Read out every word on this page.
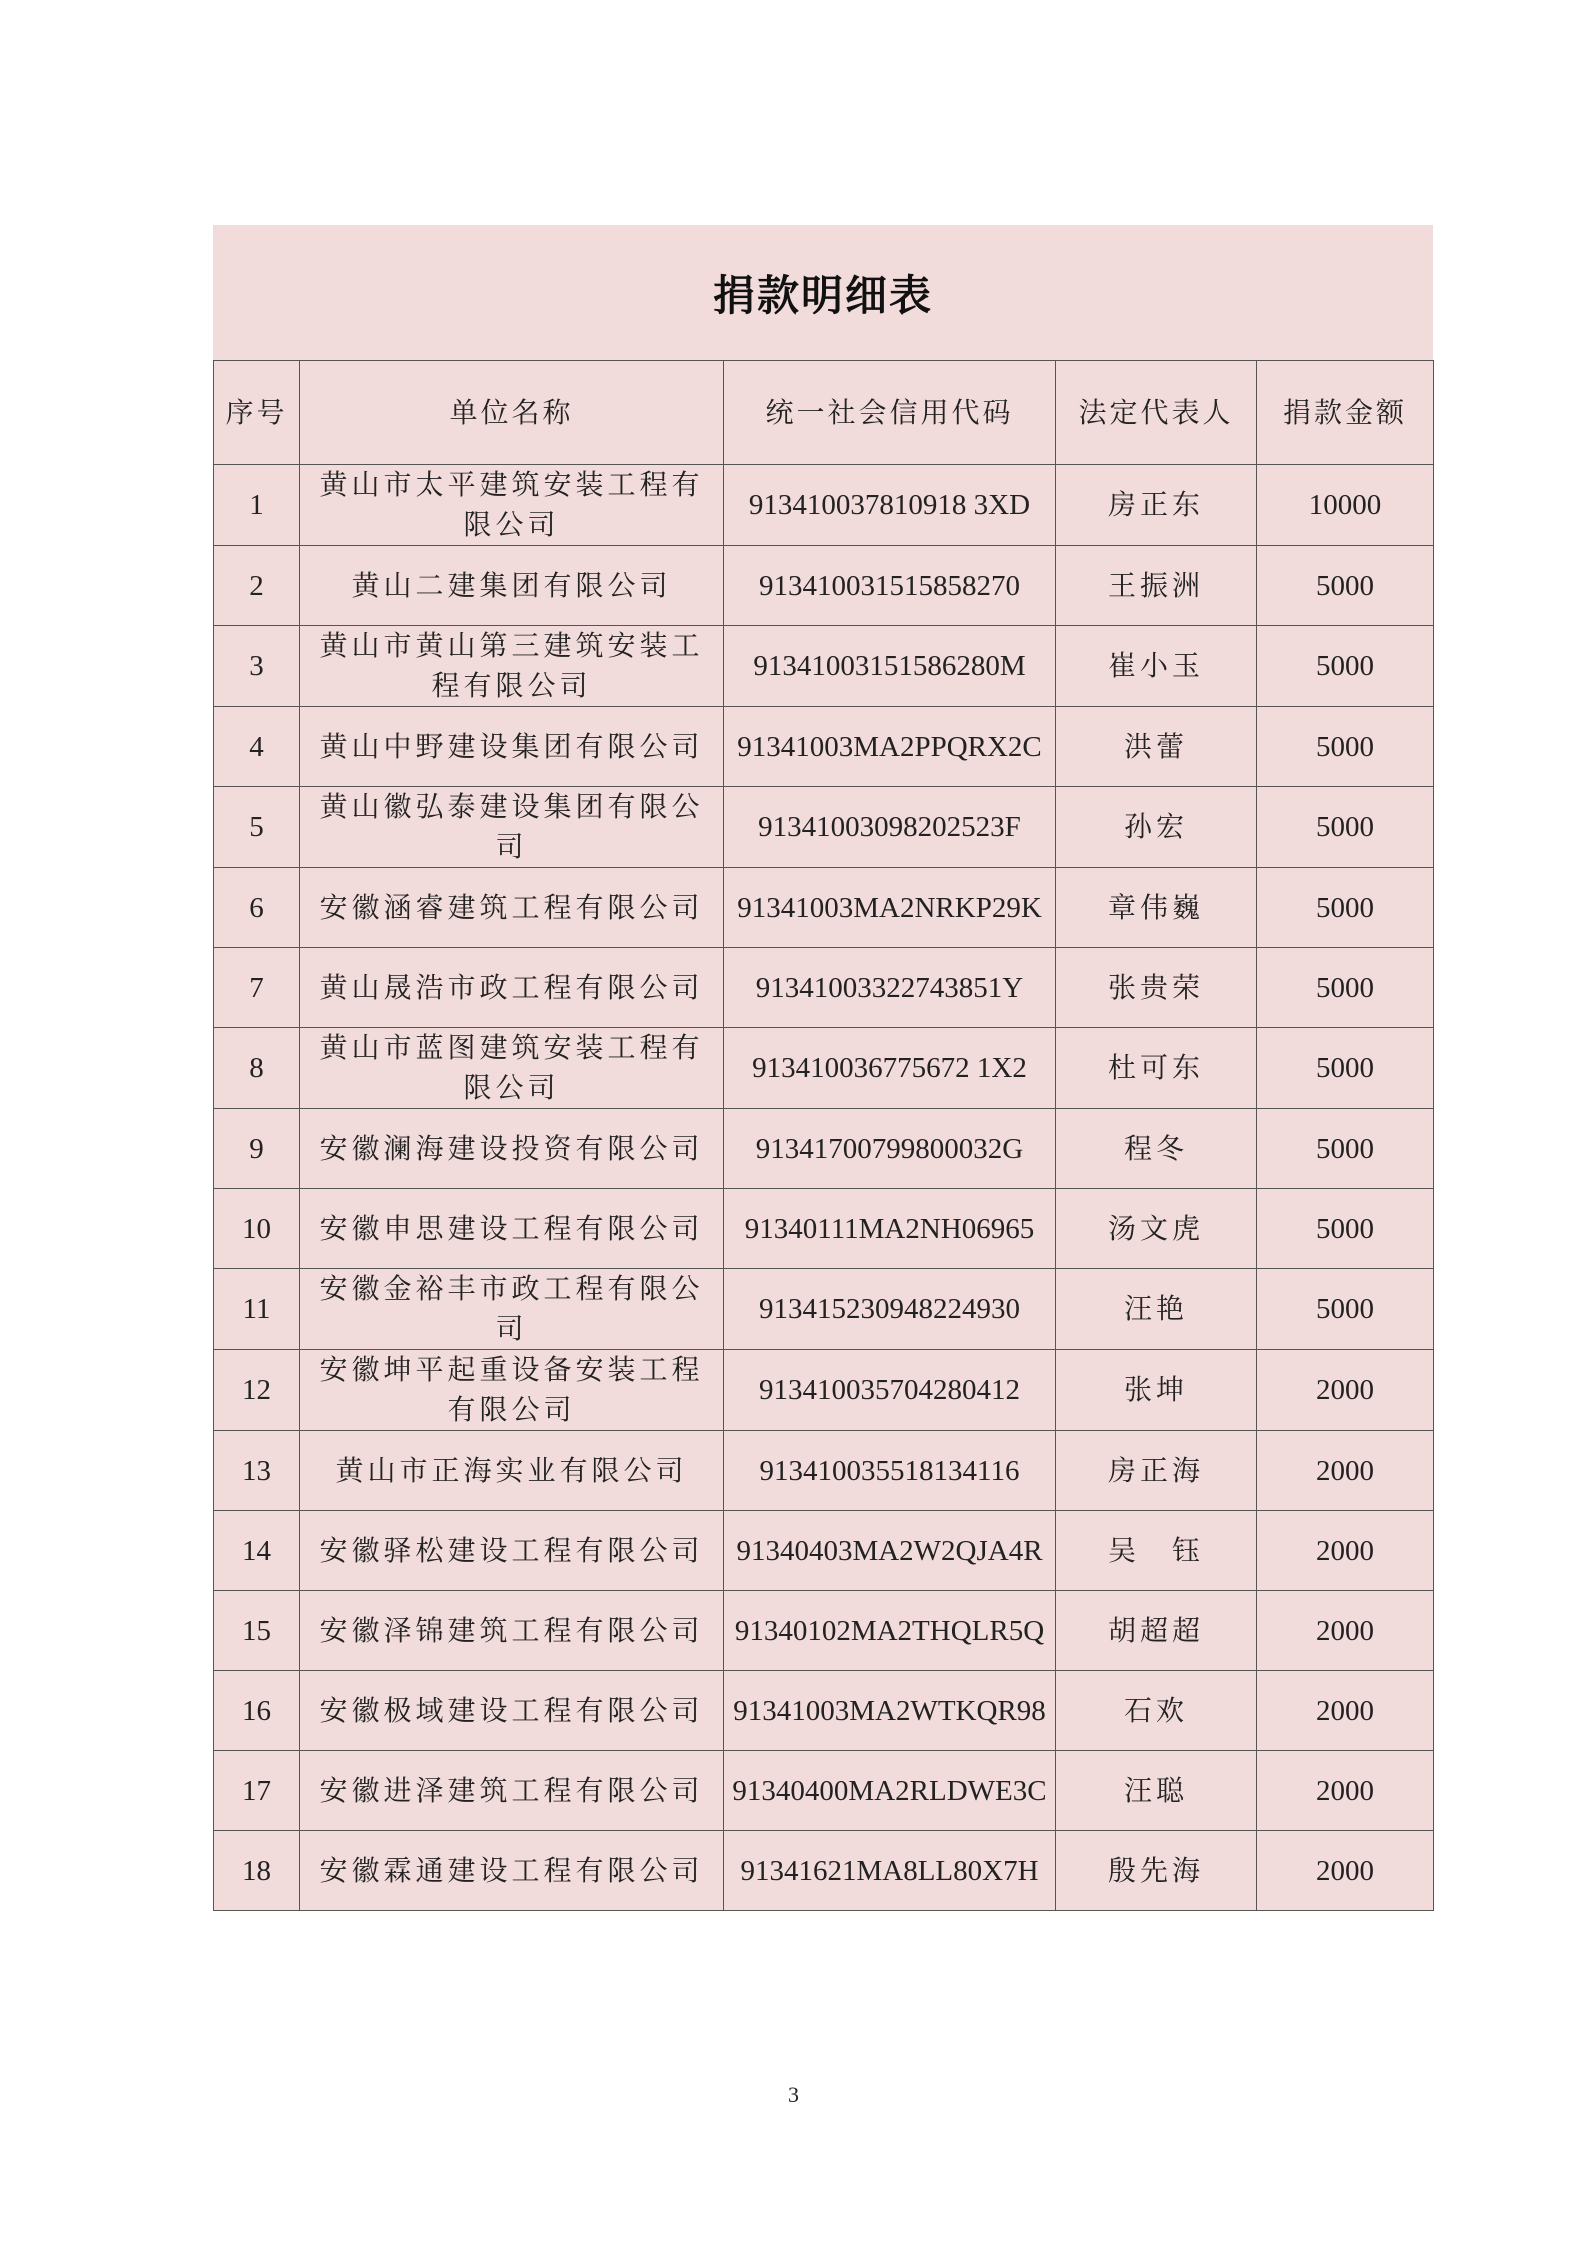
捐款明细表
序号	单位名称	统一社会信用代码	法定代表人	捐款金额
1	黄山市太平建筑安装工程有限公司	913410037810918 3XD	房正东	10000
2	黄山二建集团有限公司	913410031515858270	王振洲	5000
3	黄山市黄山第三建筑安装工程有限公司	91341003151586280M	崔小玉	5000
4	黄山中野建设集团有限公司	91341003MA2PPQRX2C	洪蕾	5000
5	黄山徽弘泰建设集团有限公司	91341003098202523F	孙宏	5000
6	安徽涵睿建筑工程有限公司	91341003MA2NRKP29K	章伟巍	5000
7	黄山晟浩市政工程有限公司	91341003322743851Y	张贵荣	5000
8	黄山市蓝图建筑安装工程有限公司	913410036775672 1X2	杜可东	5000
9	安徽澜海建设投资有限公司	91341700799800032G	程冬	5000
10	安徽申思建设工程有限公司	91340111MA2NH06965	汤文虎	5000
11	安徽金裕丰市政工程有限公司	913415230948224930	汪艳	5000
12	安徽坤平起重设备安装工程有限公司	913410035704280412	张坤	2000
13	黄山市正海实业有限公司	913410035518134116	房正海	2000
14	安徽驿松建设工程有限公司	91340403MA2W2QJA4R	吴　钰	2000
15	安徽泽锦建筑工程有限公司	91340102MA2THQLR5Q	胡超超	2000
16	安徽极域建设工程有限公司	91341003MA2WTKQR98	石欢	2000
17	安徽进泽建筑工程有限公司	91340400MA2RLDWE3C	汪聪	2000
18	安徽霖通建设工程有限公司	91341621MA8LL80X7H	殷先海	2000
3
